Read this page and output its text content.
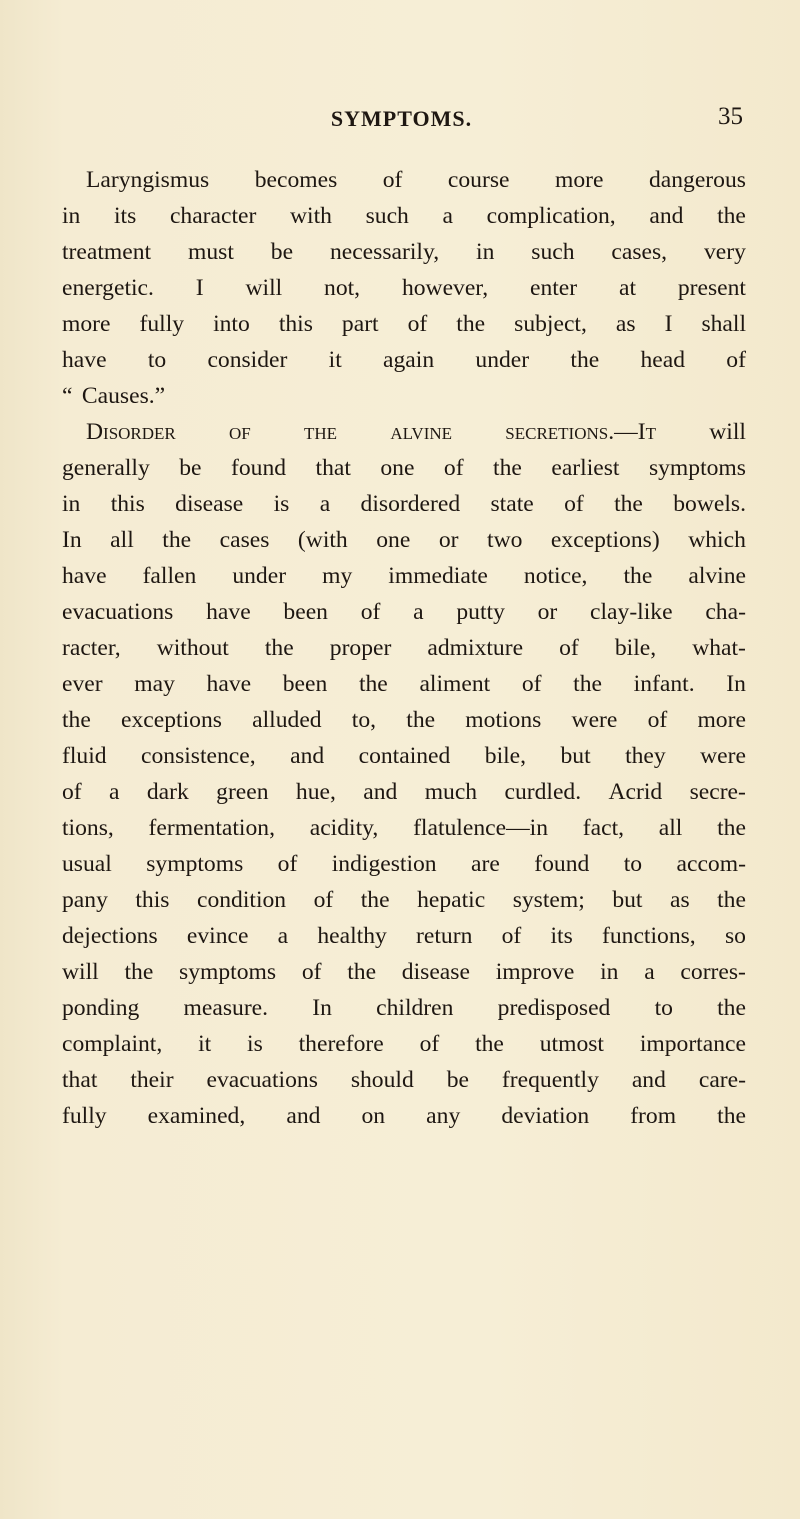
SYMPTOMS.	35
Laryngismus becomes of course more dangerous
in its character with such a complication, and the
treatment must be necessarily, in such cases, very
energetic. I will not, however, enter at present
more fully into this part of the subject, as I shall
have to consider it again under the head of
“ Causes.”
Disorder of the alvine secretions.—It will
generally be found that one of the earliest symptoms
in this disease is a disordered state of the bowels.
In all the cases (with one or two exceptions) which
have fallen under my immediate notice, the alvine
evacuations have been of a putty or clay-like cha-
racter, without the proper admixture of bile, what-
ever may have been the aliment of the infant. In
the exceptions alluded to, the motions were of more
fluid consistence, and contained bile, but they were
of a dark green hue, and much curdled. Acrid secre-
tions, fermentation, acidity, flatulence—in fact, all the
usual symptoms of indigestion are found to accom-
pany this condition of the hepatic system; but as the
dejections evince a healthy return of its functions, so
will the symptoms of the disease improve in a corres-
ponding measure. In children predisposed to the
complaint, it is therefore of the utmost importance
that their evacuations should be frequently and care-
fully examined, and on any deviation from the
